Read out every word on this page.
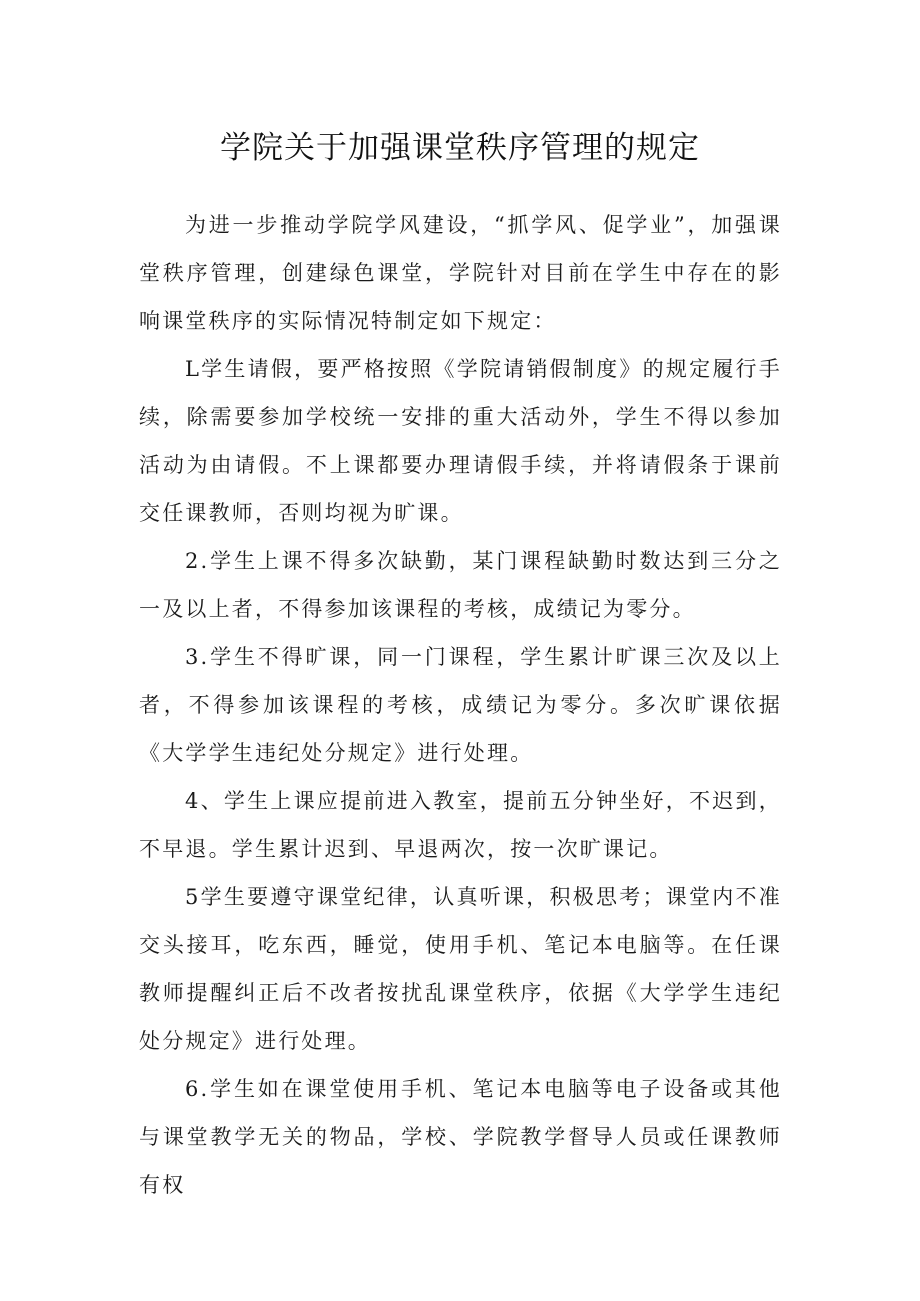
学院关于加强课堂秩序管理的规定

为进一步推动学院学风建设，“抓学风、促学业”，加强课堂秩序管理，创建绿色课堂，学院针对目前在学生中存在的影响课堂秩序的实际情况特制定如下规定：

L学生请假，要严格按照《学院请销假制度》的规定履行手续，除需要参加学校统一安排的重大活动外，学生不得以参加活动为由请假。不上课都要办理请假手续，并将请假条于课前交任课教师，否则均视为旷课。

2.学生上课不得多次缺勤，某门课程缺勤时数达到三分之一及以上者，不得参加该课程的考核，成绩记为零分。

3.学生不得旷课，同一门课程，学生累计旷课三次及以上者，不得参加该课程的考核，成绩记为零分。多次旷课依据《大学学生违纪处分规定》进行处理。

4、学生上课应提前进入教室，提前五分钟坐好，不迟到，不早退。学生累计迟到、早退两次，按一次旷课记。

5学生要遵守课堂纪律，认真听课，积极思考；课堂内不准交头接耳，吃东西，睡觉，使用手机、笔记本电脑等。在任课教师提醒纠正后不改者按扰乱课堂秩序，依据《大学学生违纪处分规定》进行处理。

6.学生如在课堂使用手机、笔记本电脑等电子设备或其他与课堂教学无关的物品，学校、学院教学督导人员或任课教师有权
